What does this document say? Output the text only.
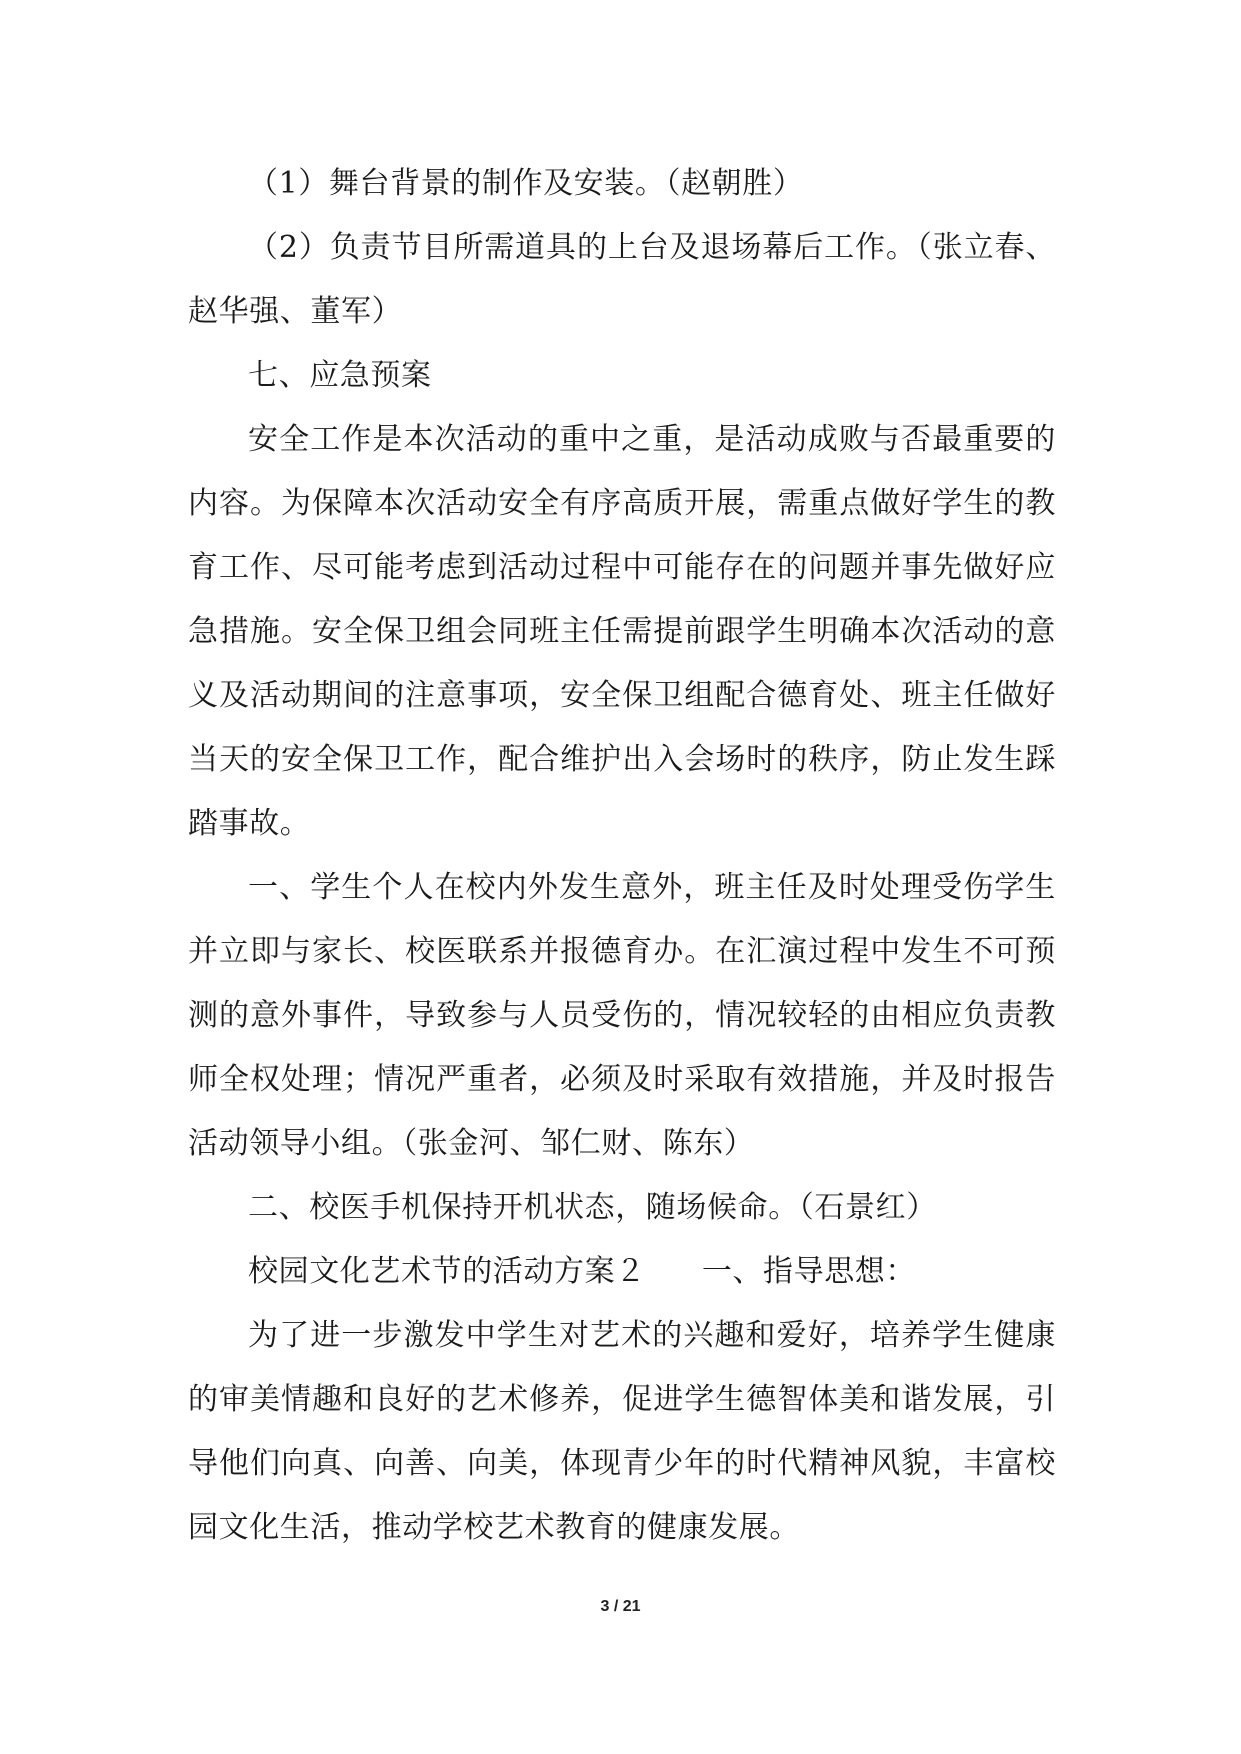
（1）舞台背景的制作及安装。（赵朝胜）

（2）负责节目所需道具的上台及退场幕后工作。（张立春、赵华强、董军）

七、应急预案

安全工作是本次活动的重中之重，是活动成败与否最重要的内容。为保障本次活动安全有序高质开展，需重点做好学生的教育工作、尽可能考虑到活动过程中可能存在的问题并事先做好应急措施。安全保卫组会同班主任需提前跟学生明确本次活动的意义及活动期间的注意事项，安全保卫组配合德育处、班主任做好当天的安全保卫工作，配合维护出入会场时的秩序，防止发生踩踏事故。

一、学生个人在校内外发生意外，班主任及时处理受伤学生并立即与家长、校医联系并报德育办。在汇演过程中发生不可预测的意外事件，导致参与人员受伤的，情况较轻的由相应负责教师全权处理；情况严重者，必须及时采取有效措施，并及时报告活动领导小组。（张金河、邹仁财、陈东）

二、校医手机保持开机状态，随场候命。（石景红）

校园文化艺术节的活动方案２ 一、指导思想：

为了进一步激发中学生对艺术的兴趣和爱好，培养学生健康的审美情趣和良好的艺术修养，促进学生德智体美和谐发展，引导他们向真、向善、向美，体现青少年的时代精神风貌，丰富校园文化生活，推动学校艺术教育的健康发展。

3 / 21
